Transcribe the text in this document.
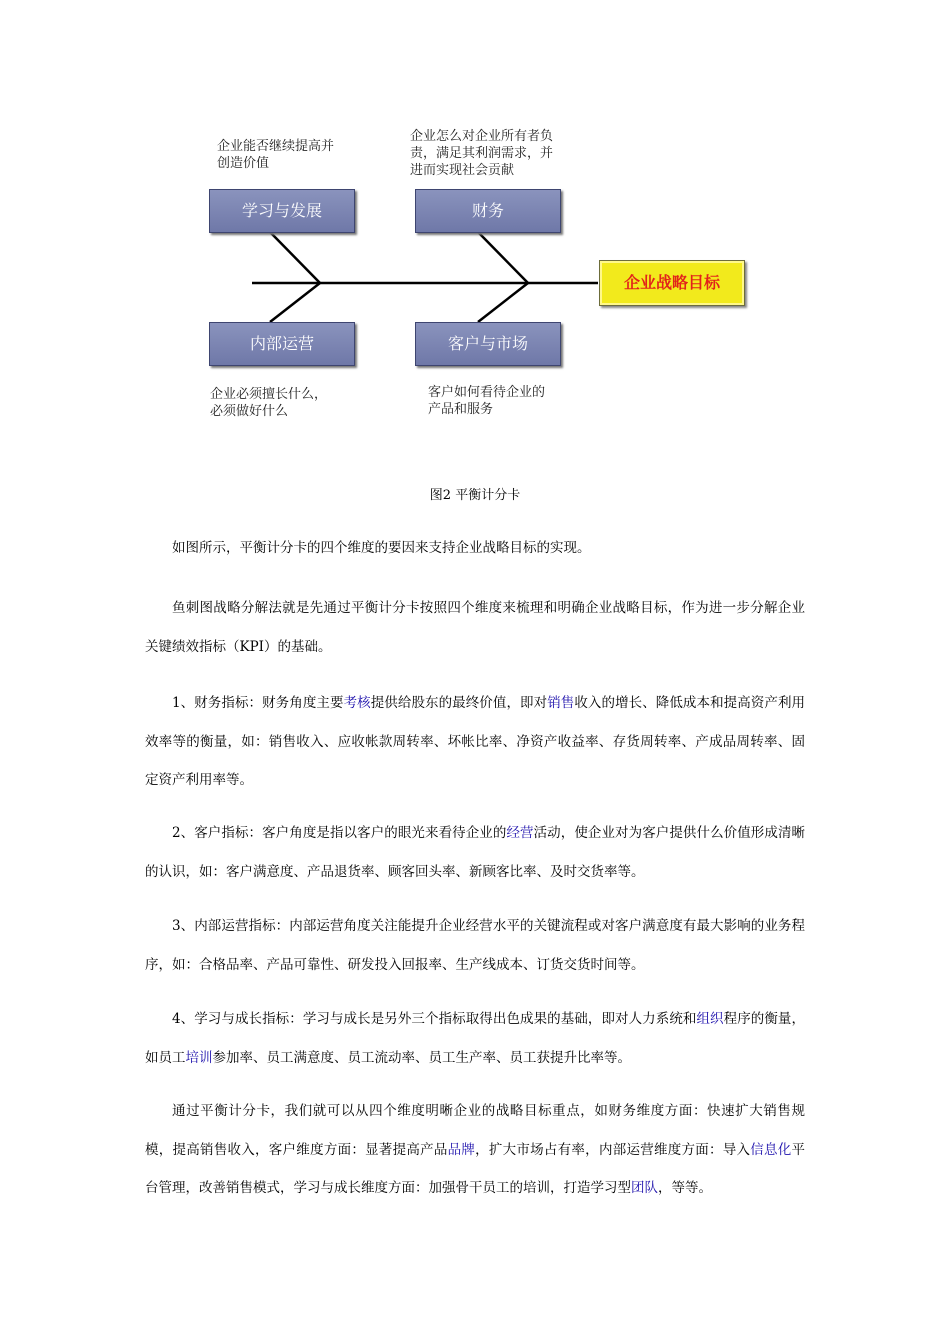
企业能否继续提高并
创造价值
企业怎么对企业所有者负
责，满足其利润需求，并
进而实现社会贡献
企业必须擅长什么，
必须做好什么
客户如何看待企业的
产品和服务
学习与发展	财务
内部运营	客户与市场
企业战略目标
图2 平衡计分卡

如图所示，平衡计分卡的四个维度的要因来支持企业战略目标的实现。

鱼刺图战略分解法就是先通过平衡计分卡按照四个维度来梳理和明确企业战略目标，作为进一步分解企业关键绩效指标（KPI）的基础。

1、财务指标：财务角度主要考核提供给股东的最终价值，即对销售收入的增长、降低成本和提高资产利用效率等的衡量，如：销售收入、应收帐款周转率、坏帐比率、净资产收益率、存货周转率、产成品周转率、固定资产利用率等。

2、客户指标：客户角度是指以客户的眼光来看待企业的经营活动，使企业对为客户提供什么价值形成清晰的认识，如：客户满意度、产品退货率、顾客回头率、新顾客比率、及时交货率等。

3、内部运营指标：内部运营角度关注能提升企业经营水平的关键流程或对客户满意度有最大影响的业务程序，如：合格品率、产品可靠性、研发投入回报率、生产线成本、订货交货时间等。

4、学习与成长指标：学习与成长是另外三个指标取得出色成果的基础，即对人力系统和组织程序的衡量，如员工培训参加率、员工满意度、员工流动率、员工生产率、员工获提升比率等。

通过平衡计分卡，我们就可以从四个维度明晰企业的战略目标重点，如财务维度方面：快速扩大销售规模，提高销售收入，客户维度方面：显著提高产品品牌，扩大市场占有率，内部运营维度方面：导入信息化平台管理，改善销售模式，学习与成长维度方面：加强骨干员工的培训，打造学习型团队，等等。
